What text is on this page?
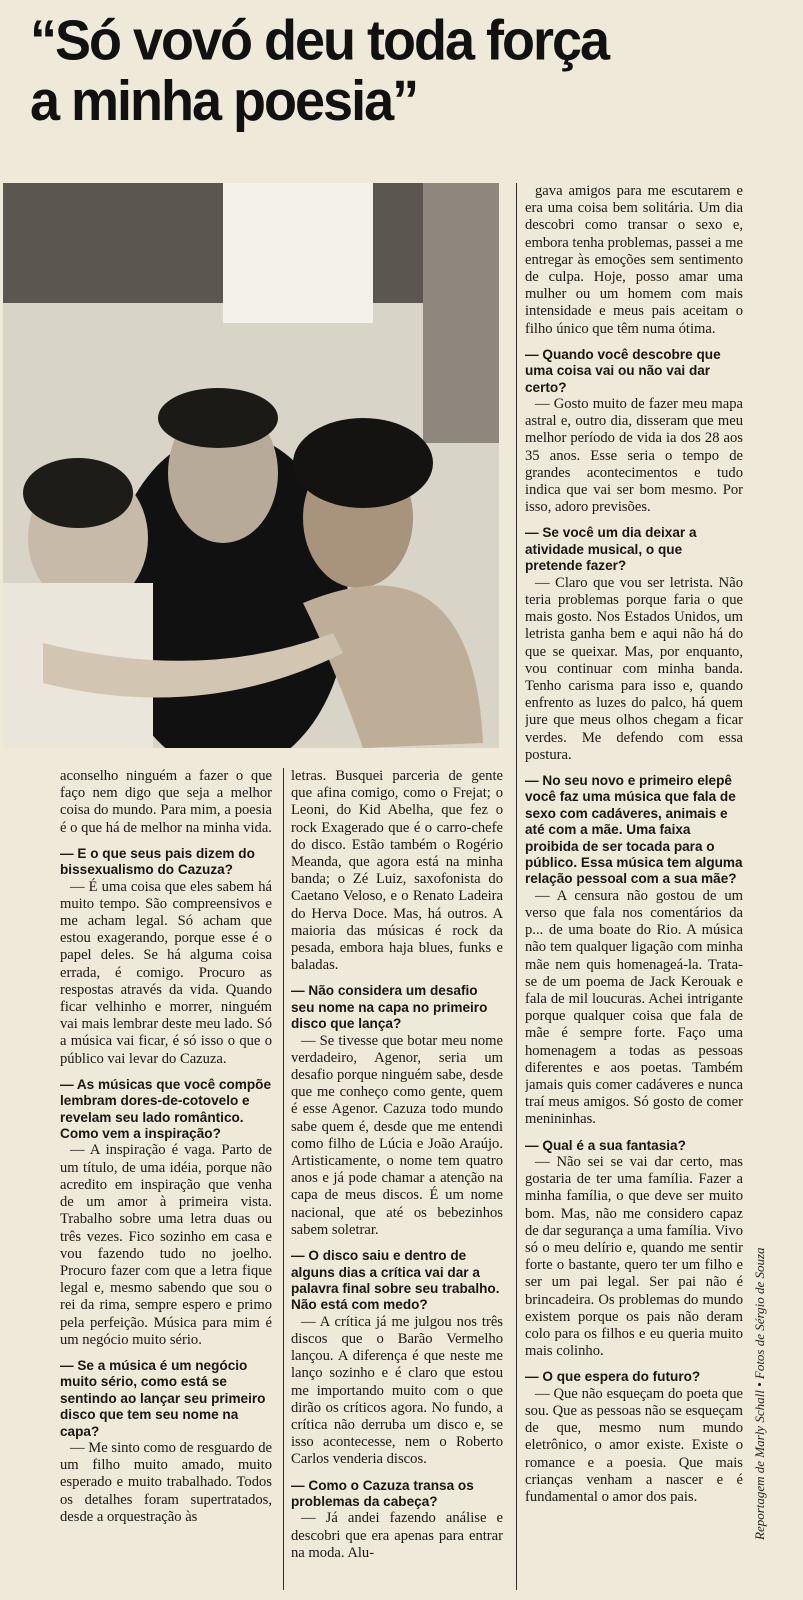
“Só vovó deu toda força
a minha poesia”

gava amigos para me escutarem e era uma coisa bem solitária. Um dia descobri como transar o sexo e, embora tenha problemas, passei a me entregar às emoções sem sentimento de culpa. Hoje, posso amar uma mulher ou um homem com mais intensidade e meus pais aceitam o filho único que têm numa ótima.

— Quando você descobre que uma coisa vai ou não vai dar certo?

— Gosto muito de fazer meu mapa astral e, outro dia, disseram que meu melhor período de vida ia dos 28 aos 35 anos. Esse seria o tempo de grandes acontecimentos e tudo indica que vai ser bom mesmo. Por isso, adoro previsões.

— Se você um dia deixar a atividade musical, o que pretende fazer?

— Claro que vou ser letrista. Não teria problemas porque faria o que mais gosto. Nos Estados Unidos, um letrista ganha bem e aqui não há do que se queixar. Mas, por enquanto, vou continuar com minha banda. Tenho carisma para isso e, quando enfrento as luzes do palco, há quem jure que meus olhos chegam a ficar verdes. Me defendo com essa postura.

— No seu novo e primeiro elepê você faz uma música que fala de sexo com cadáveres, animais e até com a mãe. Uma faixa proibida de ser tocada para o público. Essa música tem alguma relação pessoal com a sua mãe?

— A censura não gostou de um verso que fala nos comentários da p... de uma boate do Rio. A música não tem qualquer ligação com minha mãe nem quis homenageá-la. Trata-se de um poema de Jack Kerouak e fala de mil loucuras. Achei intrigante porque qualquer coisa que fala de mãe é sempre forte. Faço uma homenagem a todas as pessoas diferentes e aos poetas. Também jamais quis comer cadáveres e nunca traí meus amigos. Só gosto de comer menininhas.

— Qual é a sua fantasia?

— Não sei se vai dar certo, mas gostaria de ter uma família. Fazer a minha família, o que deve ser muito bom. Mas, não me considero capaz de dar segurança a uma família. Vivo só o meu delírio e, quando me sentir forte o bastante, quero ter um filho e ser um pai legal. Ser pai não é brincadeira. Os problemas do mundo existem porque os pais não deram colo para os filhos e eu queria muito mais colinho.

— O que espera do futuro?

— Que não esqueçam do poeta que sou. Que as pessoas não se esqueçam de que, mesmo num mundo eletrônico, o amor existe. Existe o romance e a poesia. Que mais crianças venham a nascer e é fundamental o amor dos pais.

aconselho ninguém a fazer o que faço nem digo que seja a melhor coisa do mundo. Para mim, a poesia é o que há de melhor na minha vida.

— E o que seus pais dizem do bissexualismo do Cazuza?

— É uma coisa que eles sabem há muito tempo. São compreensivos e me acham legal. Só acham que estou exagerando, porque esse é o papel deles. Se há alguma coisa errada, é comigo. Procuro as respostas através da vida. Quando ficar velhinho e morrer, ninguém vai mais lembrar deste meu lado. Só a música vai ficar, é só isso o que o público vai levar do Cazuza.

— As músicas que você compõe lembram dores-de-cotovelo e revelam seu lado romântico. Como vem a inspiração?

— A inspiração é vaga. Parto de um título, de uma idéia, porque não acredito em inspiração que venha de um amor à primeira vista. Trabalho sobre uma letra duas ou três vezes. Fico sozinho em casa e vou fazendo tudo no joelho. Procuro fazer com que a letra fique legal e, mesmo sabendo que sou o rei da rima, sempre espero e primo pela perfeição. Música para mim é um negócio muito sério.

— Se a música é um negócio muito sério, como está se sentindo ao lançar seu primeiro disco que tem seu nome na capa?

— Me sinto como de resguardo de um filho muito amado, muito esperado e muito trabalhado. Todos os detalhes foram supertratados, desde a orquestração às

letras. Busquei parceria de gente que afina comigo, como o Frejat; o Leoni, do Kid Abelha, que fez o rock Exagerado que é o carro-chefe do disco. Estão também o Rogério Meanda, que agora está na minha banda; o Zé Luiz, saxofonista do Caetano Veloso, e o Renato Ladeira do Herva Doce. Mas, há outros. A maioria das músicas é rock da pesada, embora haja blues, funks e baladas.

— Não considera um desafio seu nome na capa no primeiro disco que lança?

— Se tivesse que botar meu nome verdadeiro, Agenor, seria um desafio porque ninguém sabe, desde que me conheço como gente, quem é esse Agenor. Cazuza todo mundo sabe quem é, desde que me entendi como filho de Lúcia e João Araújo. Artisticamente, o nome tem quatro anos e já pode chamar a atenção na capa de meus discos. É um nome nacional, que até os bebezinhos sabem soletrar.

— O disco saiu e dentro de alguns dias a crítica vai dar a palavra final sobre seu trabalho. Não está com medo?

— A crítica já me julgou nos três discos que o Barão Vermelho lançou. A diferença é que neste me lanço sozinho e é claro que estou me importando muito com o que dirão os críticos agora. No fundo, a crítica não derruba um disco e, se isso acontecesse, nem o Roberto Carlos venderia discos.

— Como o Cazuza transa os problemas da cabeça?

— Já andei fazendo análise e descobri que era apenas para entrar na moda. Alu-

Reportagem de Marly Schall • Fotos de Sérgio de Souza
